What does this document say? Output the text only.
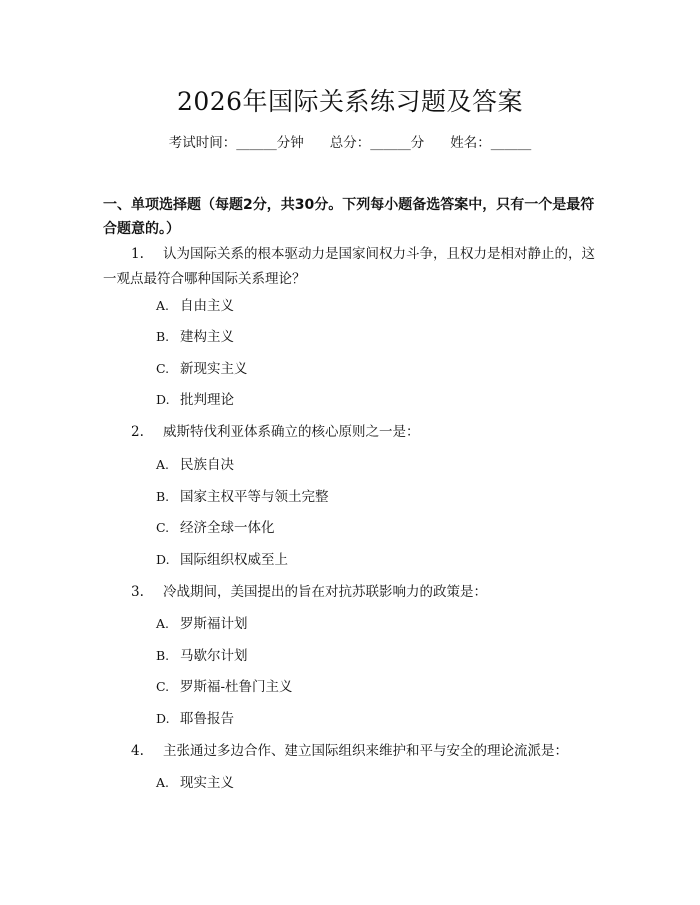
2026年国际关系练习题及答案
考试时间：______分钟 总分：______分 姓名：______
一、单项选择题（每题2分，共30分。下列每小题备选答案中，只有一个是最符合题意的。）
1. 认为国际关系的根本驱动力是国家间权力斗争，且权力是相对静止的，这一观点最符合哪种国际关系理论？
A. 自由主义
B. 建构主义
C. 新现实主义
D. 批判理论
2. 威斯特伐利亚体系确立的核心原则之一是：
A. 民族自决
B. 国家主权平等与领土完整
C. 经济全球一体化
D. 国际组织权威至上
3. 冷战期间，美国提出的旨在对抗苏联影响力的政策是：
A. 罗斯福计划
B. 马歇尔计划
C. 罗斯福-杜鲁门主义
D. 耶鲁报告
4. 主张通过多边合作、建立国际组织来维护和平与安全的理论流派是：
A. 现实主义
